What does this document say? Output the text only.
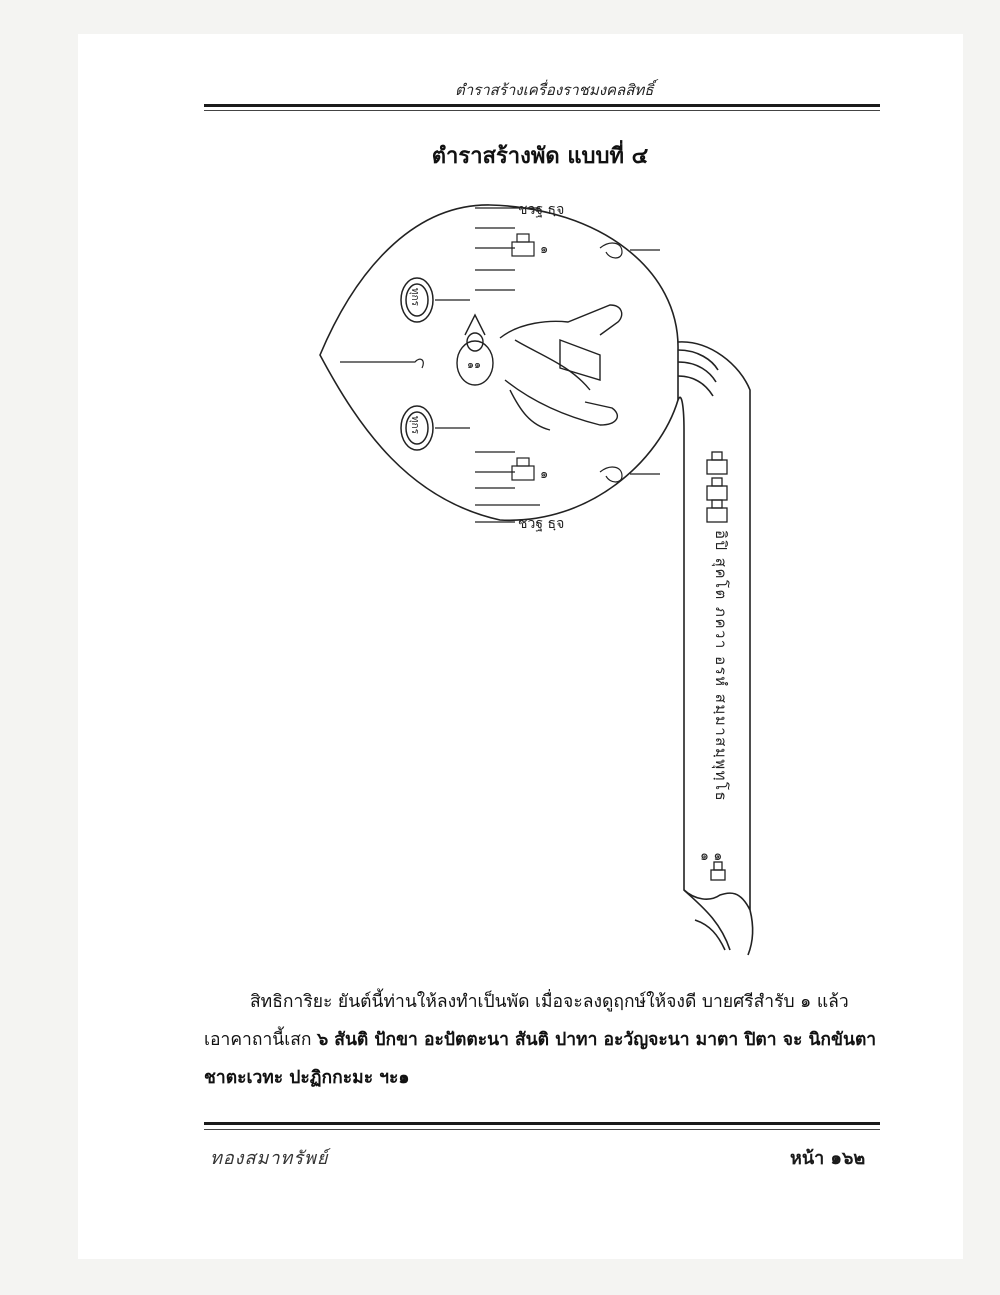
ตำราสร้างเครื่องราชมงคลสิทธิ์
ตำราสร้างพัด แบบที่ ๔
อิปิ สุคโต ภควา อรหํ สมฺมาสมฺพุทฺโธ
๑ ๑
๑๑
ทุกร
ทุกร
ชวฐ ธฺจ
ชวฐ ธฺจ
๑
๑
สิทธิการิยะ ยันต์นี้ท่านให้ลงทำเป็นพัด เมื่อจะลงดูฤกษ์ให้จงดี บายศรีสำรับ ๑ แล้ว
เอาคาถานี้เสก ๖ สันติ ปักขา อะปัตตะนา สันติ ปาทา อะวัญจะนา มาตา ปิตา จะ นิกขันตา
ชาตะเวทะ ปะฏิกกะมะ ฯะ๑
ทองสมาทรัพย์	หน้า ๑๖๒
